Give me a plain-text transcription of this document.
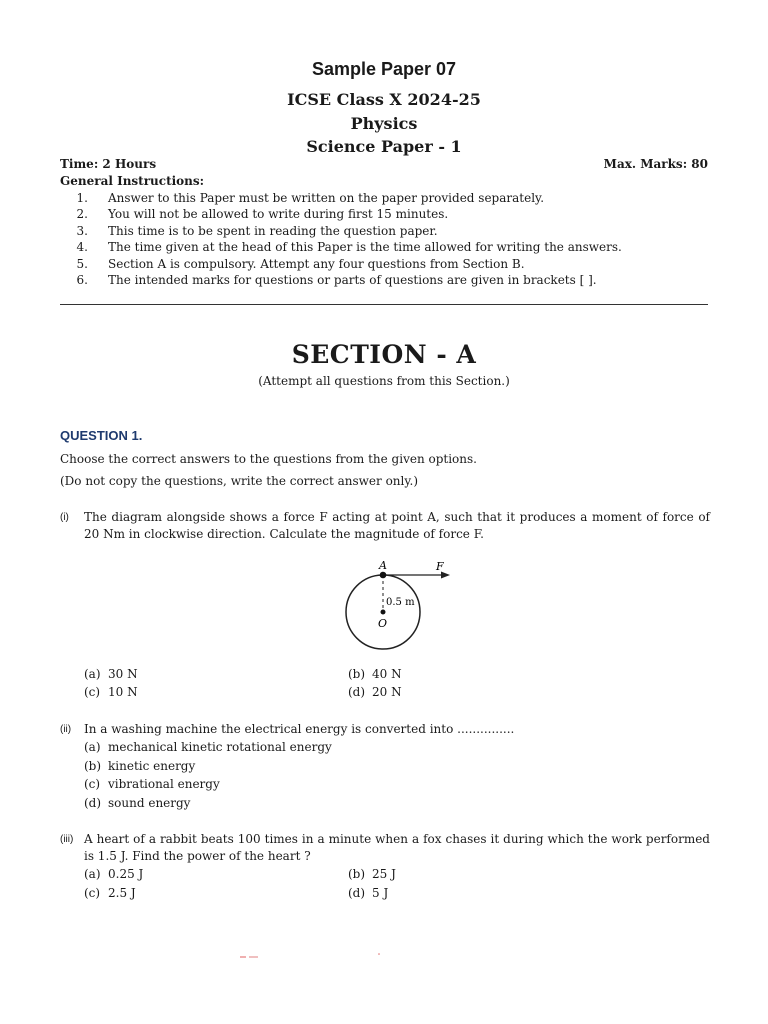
Sample Paper 07
ICSE Class X 2024-25
Physics
Science Paper - 1
Time: 2 Hours	Max. Marks: 80
General Instructions:
1. Answer to this Paper must be written on the paper provided separately.
2. You will not be allowed to write during first 15 minutes.
3. This time is to be spent in reading the question paper.
4. The time given at the head of this Paper is the time allowed for writing the answers.
5. Section A is compulsory. Attempt any four questions from Section B.
6. The intended marks for questions or parts of questions are given in brackets [ ].
SECTION - A
(Attempt all questions from this Section.)
QUESTION 1.
Choose the correct answers to the questions from the given options.
(Do not copy the questions, write the correct answer only.)
(i) The diagram alongside shows a force F acting at point A, such that it produces a moment of force of 20 Nm in clockwise direction. Calculate the magnitude of force F.
A	F
0.5 m
O
(a) 30 N	(b) 40 N
(c) 10 N	(d) 20 N
(ii) In a washing machine the electrical energy is converted into ...............
(a) mechanical kinetic rotational energy
(b) kinetic energy
(c) vibrational energy
(d) sound energy
(iii) A heart of a rabbit beats 100 times in a minute when a fox chases it during which the work performed is 1.5 J. Find the power of the heart ?
(a) 0.25 J	(b) 25 J
(c) 2.5 J	(d) 5 J
